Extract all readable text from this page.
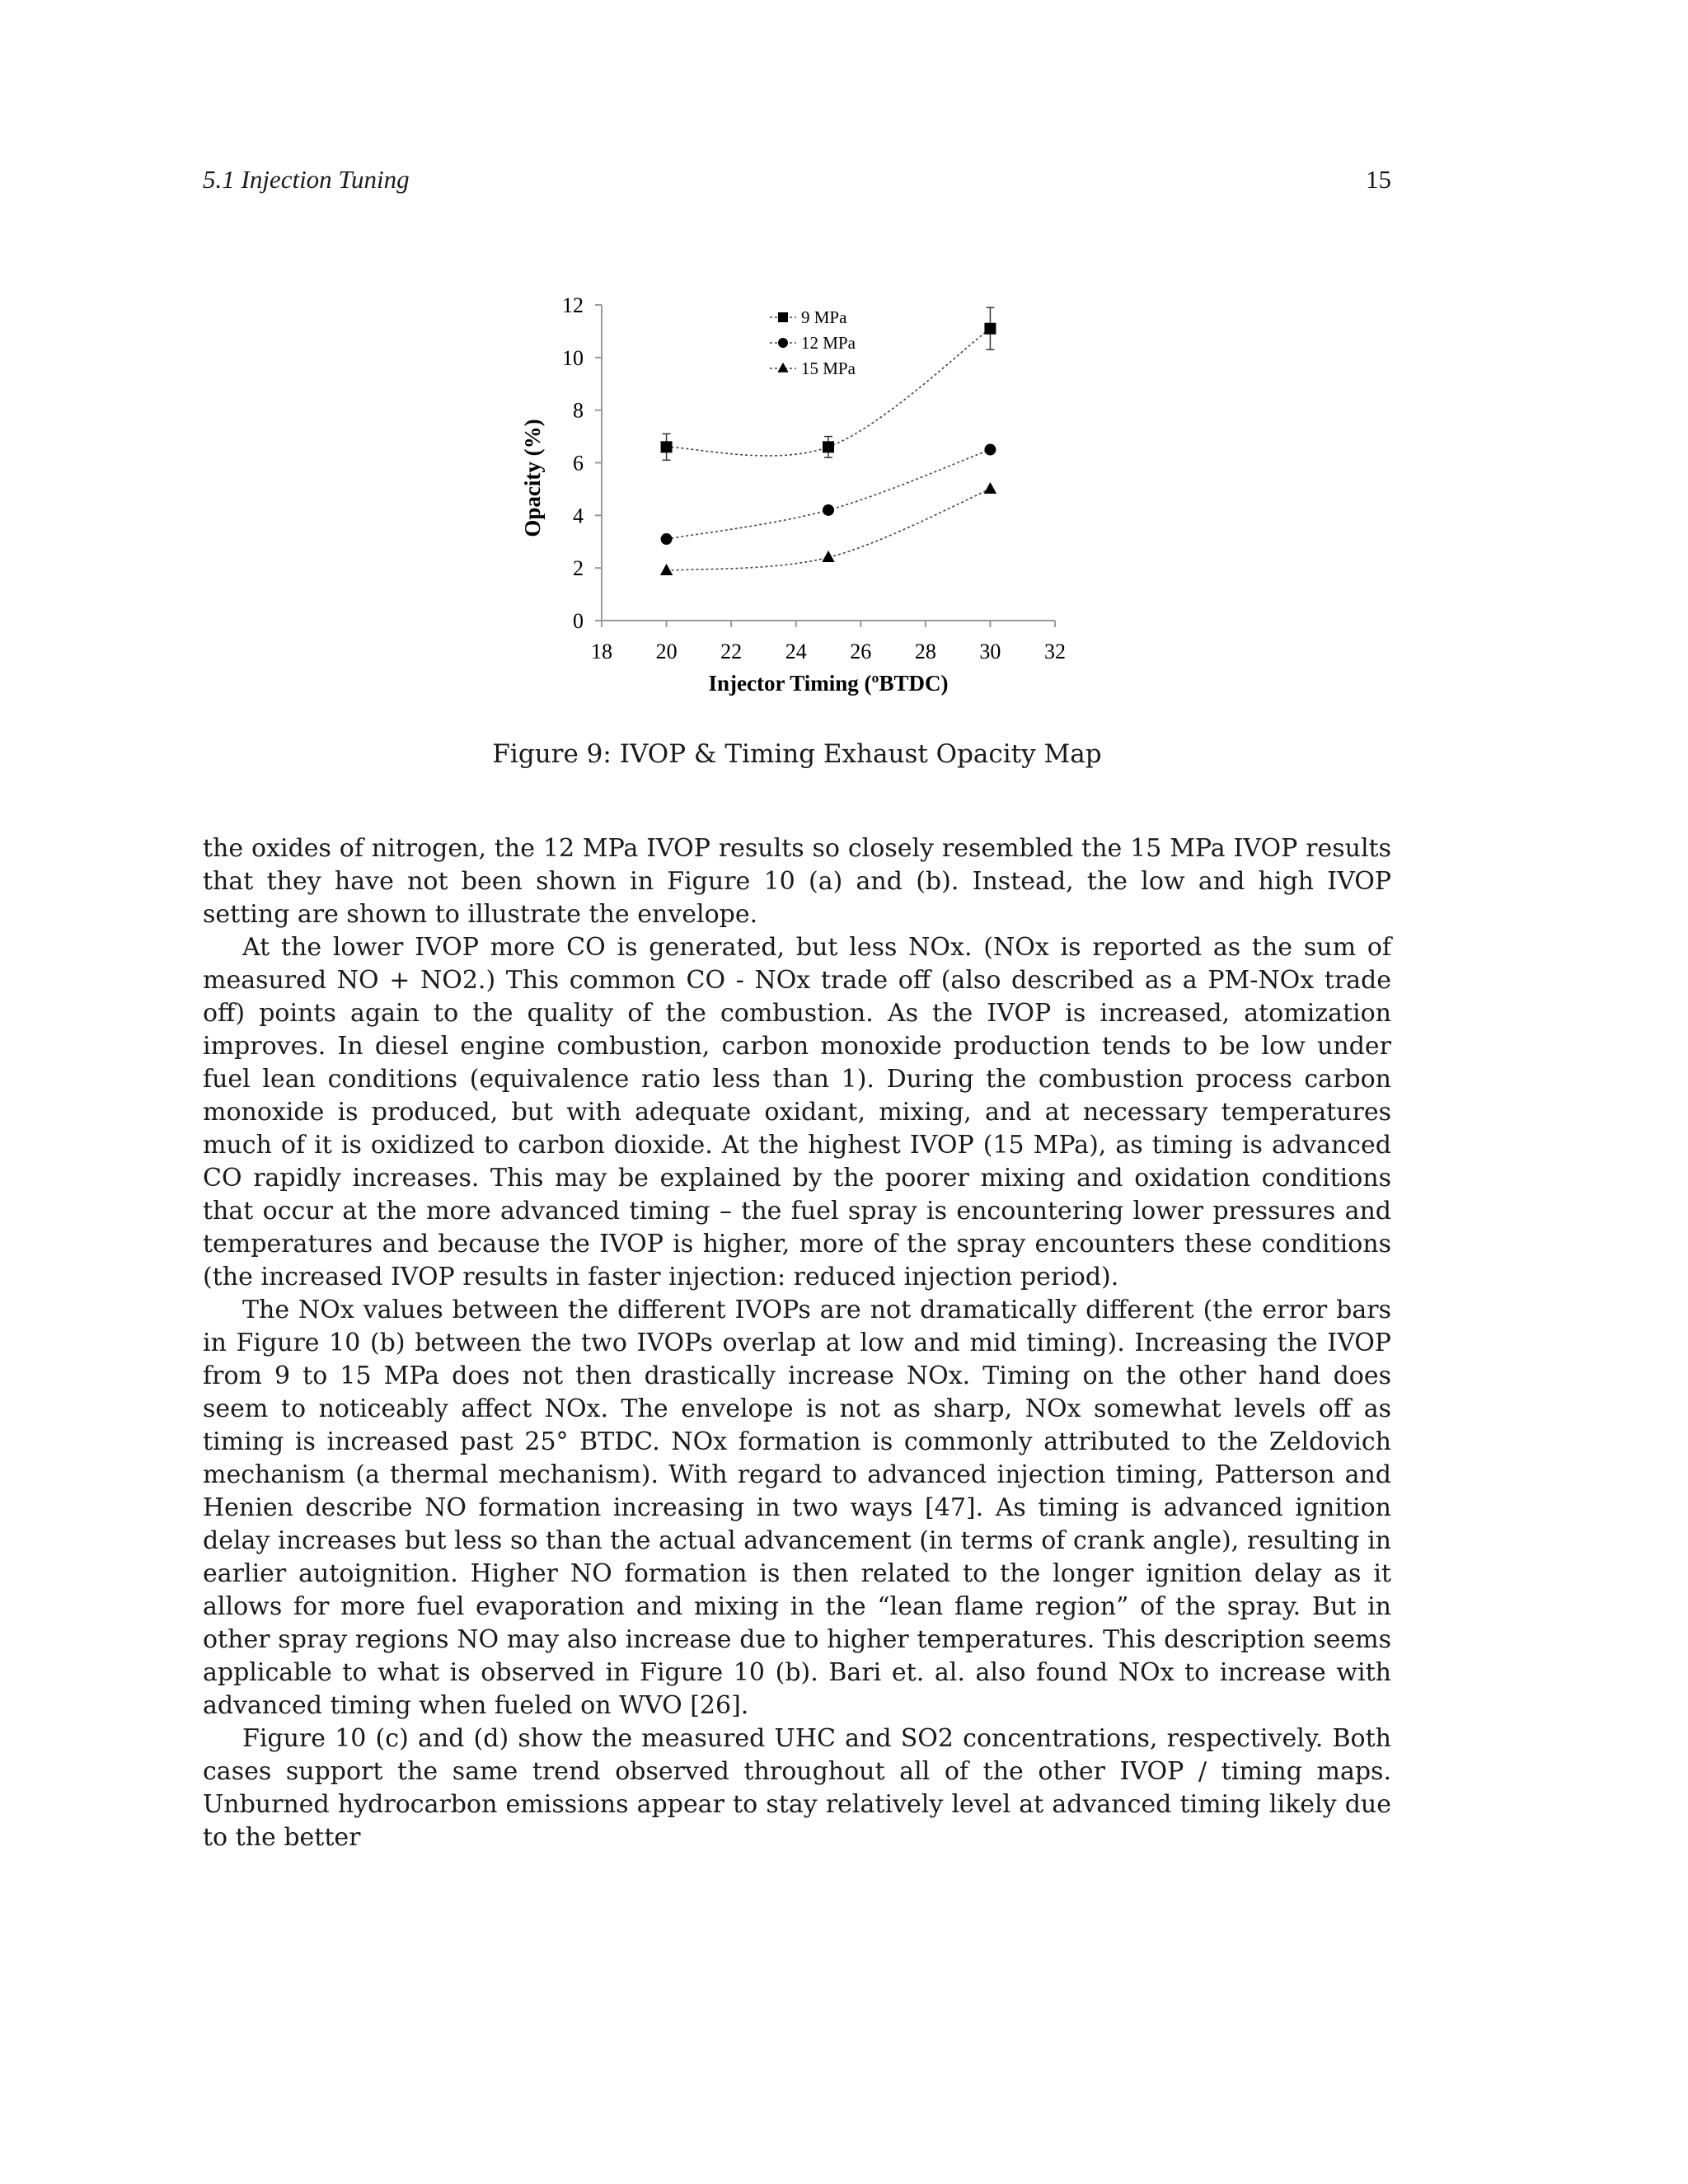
5.1 Injection Tuning	15
0
2
4
6
8
10
12
18 20 22 24 26 28 30 32
9 MPa
12 MPa
15 MPa
Injector Timing (ºBTDC)
Opacity (%)
Figure 9: IVOP & Timing Exhaust Opacity Map

the oxides of nitrogen, the 12 MPa IVOP results so closely resembled the 15 MPa IVOP results that they have not been shown in Figure 10 (a) and (b). Instead, the low and high IVOP setting are shown to illustrate the envelope.

At the lower IVOP more CO is generated, but less NOx. (NOx is reported as the sum of measured NO + NO2.) This common CO - NOx trade off (also described as a PM-NOx trade off) points again to the quality of the combustion. As the IVOP is increased, atomization improves. In diesel engine combustion, carbon monoxide production tends to be low under fuel lean conditions (equivalence ratio less than 1). During the combustion process carbon monoxide is produced, but with adequate oxidant, mixing, and at necessary temperatures much of it is oxidized to carbon dioxide. At the highest IVOP (15 MPa), as timing is advanced CO rapidly increases. This may be explained by the poorer mixing and oxidation conditions that occur at the more advanced timing – the fuel spray is encountering lower pressures and temperatures and because the IVOP is higher, more of the spray encounters these conditions (the increased IVOP results in faster injection: reduced injection period).

The NOx values between the different IVOPs are not dramatically different (the error bars in Figure 10 (b) between the two IVOPs overlap at low and mid timing). Increasing the IVOP from 9 to 15 MPa does not then drastically increase NOx. Timing on the other hand does seem to noticeably affect NOx. The envelope is not as sharp, NOx somewhat levels off as timing is increased past 25° BTDC. NOx formation is commonly attributed to the Zeldovich mechanism (a thermal mechanism). With regard to advanced injection timing, Patterson and Henien describe NO formation increasing in two ways [47]. As timing is advanced ignition delay increases but less so than the actual advancement (in terms of crank angle), resulting in earlier autoignition. Higher NO formation is then related to the longer ignition delay as it allows for more fuel evaporation and mixing in the “lean flame region” of the spray. But in other spray regions NO may also increase due to higher temperatures. This description seems applicable to what is observed in Figure 10 (b). Bari et. al. also found NOx to increase with advanced timing when fueled on WVO [26].

Figure 10 (c) and (d) show the measured UHC and SO2 concentrations, respectively. Both cases support the same trend observed throughout all of the other IVOP / timing maps. Unburned hydrocarbon emissions appear to stay relatively level at advanced timing likely due to the better
